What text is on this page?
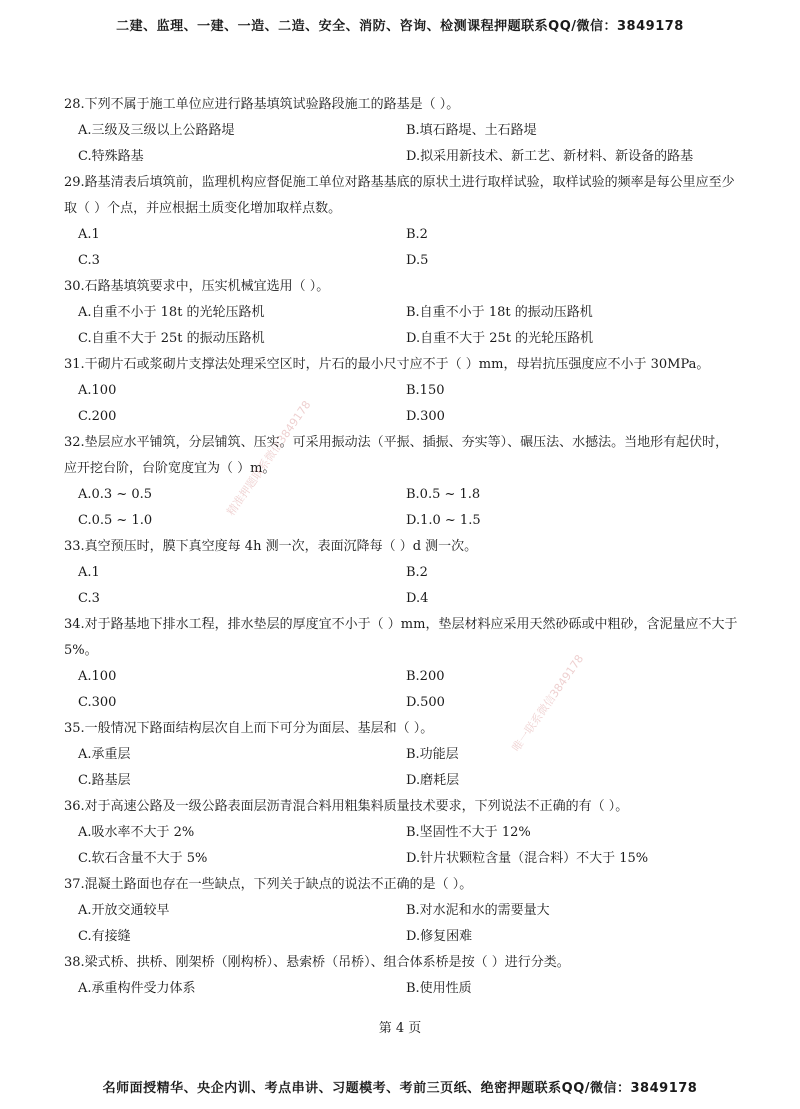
二建、监理、一建、一造、二造、安全、消防、咨询、检测课程押题联系QQ/微信：3849178
28.下列不属于施工单位应进行路基填筑试验路段施工的路基是（ ）。
A.三级及三级以上公路路堤	B.填石路堤、土石路堤
C.特殊路基	D.拟采用新技术、新工艺、新材料、新设备的路基
29.路基清表后填筑前，监理机构应督促施工单位对路基基底的原状土进行取样试验，取样试验的频率是每公里应至少取（ ）个点，并应根据土质变化增加取样点数。
A.1	B.2
C.3	D.5
30.石路基填筑要求中，压实机械宜选用（ ）。
A.自重不小于 18t 的光轮压路机	B.自重不小于 18t 的振动压路机
C.自重不大于 25t 的振动压路机	D.自重不大于 25t 的光轮压路机
31.干砌片石或浆砌片支撑法处理采空区时，片石的最小尺寸应不于（ ）mm，母岩抗压强度应不小于 30MPa。
A.100	B.150
C.200	D.300
32.垫层应水平铺筑，分层铺筑、压实。可采用振动法（平振、插振、夯实等）、碾压法、水撼法。当地形有起伏时，应开挖台阶，台阶宽度宜为（ ）m。
A.0.3 ~ 0.5	B.0.5 ~ 1.8
C.0.5 ~ 1.0	D.1.0 ~ 1.5
33.真空预压时，膜下真空度每 4h 测一次，表面沉降每（ ）d 测一次。
A.1	B.2
C.3	D.4
34.对于路基地下排水工程，排水垫层的厚度宜不小于（ ）mm，垫层材料应采用天然砂砾或中粗砂，含泥量应不大于 5%。
A.100	B.200
C.300	D.500
35.一般情况下路面结构层次自上而下可分为面层、基层和（ ）。
A.承重层	B.功能层
C.路基层	D.磨耗层
36.对于高速公路及一级公路表面层沥青混合料用粗集料质量技术要求，下列说法不正确的有（ ）。
A.吸水率不大于 2%	B.坚固性不大于 12%
C.软石含量不大于 5%	D.针片状颗粒含量（混合料）不大于 15%
37.混凝土路面也存在一些缺点，下列关于缺点的说法不正确的是（ ）。
A.开放交通较早	B.对水泥和水的需要量大
C.有接缝	D.修复困难
38.梁式桥、拱桥、刚架桥（刚构桥）、悬索桥（吊桥）、组合体系桥是按（ ）进行分类。
A.承重构件受力体系	B.使用性质
精准押题联系微信3849178
唯一联系微信3849178
第 4 页
名师面授精华、央企内训、考点串讲、习题模考、考前三页纸、绝密押题联系QQ/微信：3849178
